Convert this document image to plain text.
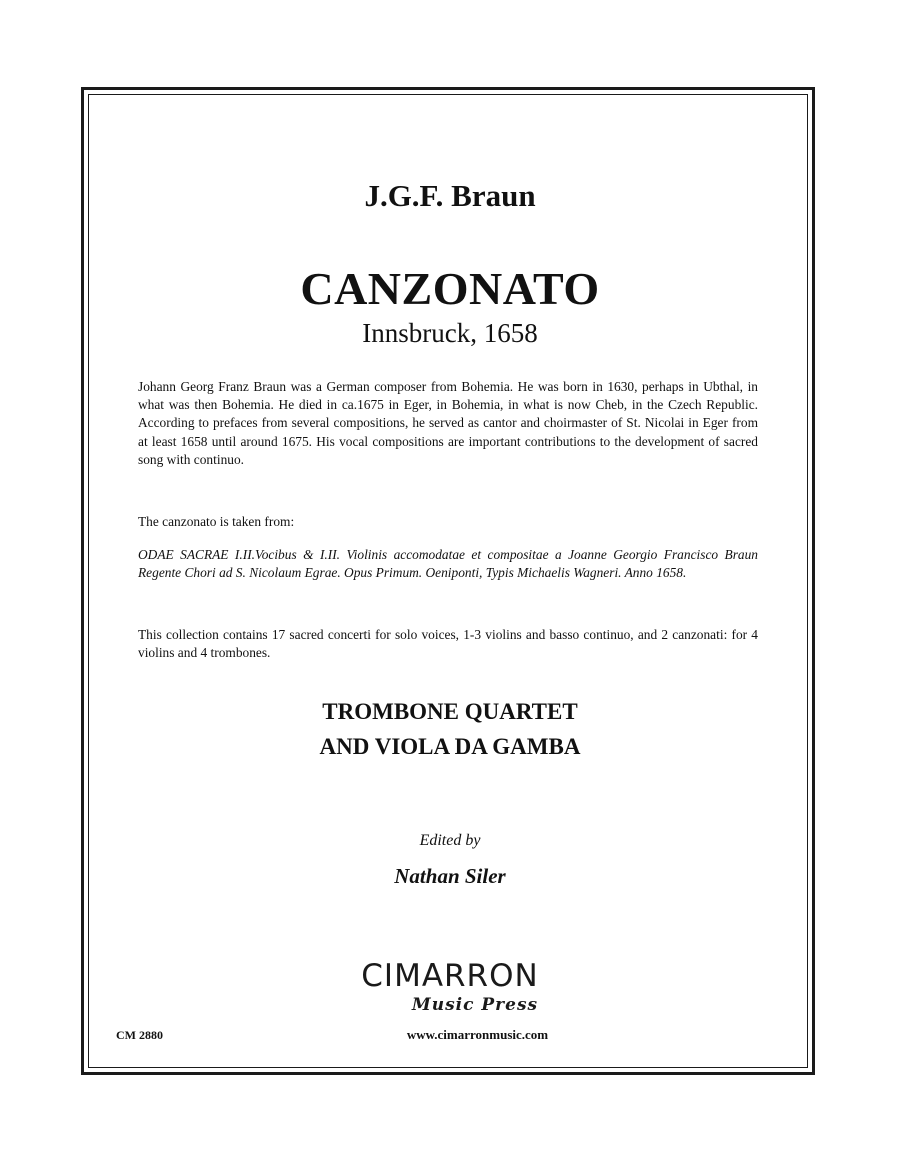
J.G.F. Braun
CANZONATO
Innsbruck, 1658
Johann Georg Franz Braun was a German composer from Bohemia. He was born in 1630, perhaps in Ubthal, in what was then Bohemia. He died in ca.1675 in Eger, in Bohemia, in what is now Cheb, in the Czech Republic. According to prefaces from several compositions, he served as cantor and choirmaster of St. Nicolai in Eger from at least 1658 until around 1675. His vocal compositions are important contributions to the development of sacred song with continuo.
The canzonato is taken from:
ODAE SACRAE I.II.Vocibus & I.II. Violinis accomodatae et compositae a Joanne Georgio Francisco Braun Regente Chori ad S. Nicolaum Egrae. Opus Primum. Oeniponti, Typis Michaelis Wagneri. Anno 1658.
This collection contains 17 sacred concerti for solo voices, 1-3 violins and basso continuo, and 2 canzonati: for 4 violins and 4 trombones.
TROMBONE QUARTET
AND VIOLA DA GAMBA
Edited by
Nathan Siler
CIMARRON
Music Press
www.cimarronmusic.com
CM 2880
